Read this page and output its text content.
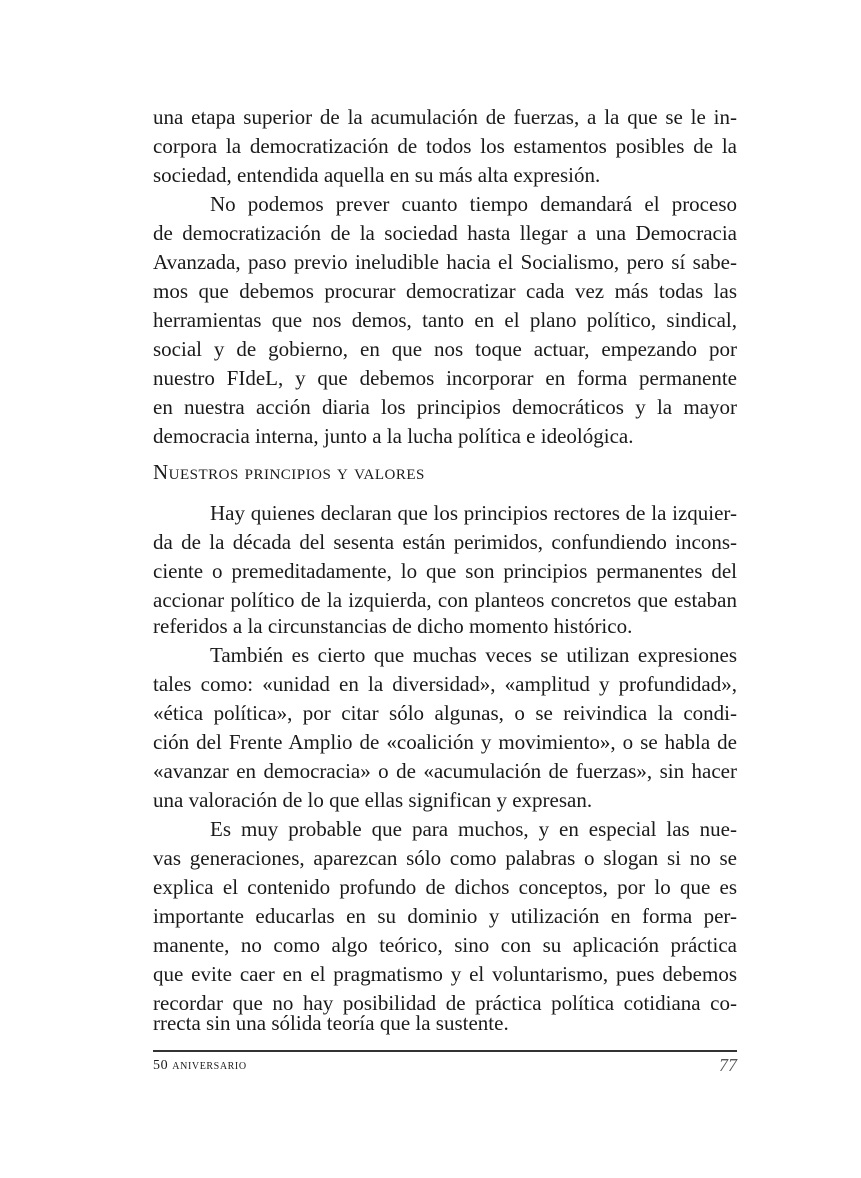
una etapa superior de la acumulación de fuerzas, a la que se le in-
corpora la democratización de todos los estamentos posibles de la
sociedad, entendida aquella en su más alta expresión.
No podemos prever cuanto tiempo demandará el proceso
de democratización de la sociedad hasta llegar a una Democracia
Avanzada, paso previo ineludible hacia el Socialismo, pero sí sabe-
mos que debemos procurar democratizar cada vez más todas las
herramientas que nos demos, tanto en el plano político, sindical,
social y de gobierno, en que nos toque actuar, empezando por
nuestro FIdeL, y que debemos incorporar en forma permanente
en nuestra acción diaria los principios democráticos y la mayor
democracia interna, junto a la lucha política e ideológica.
Nuestros principios y valores
Hay quienes declaran que los principios rectores de la izquier-
da de la década del sesenta están perimidos, confundiendo incons-
ciente o premeditadamente, lo que son principios permanentes del
accionar político de la izquierda, con planteos concretos que estaban
referidos a la circunstancias de dicho momento histórico.
También es cierto que muchas veces se utilizan expresiones
tales como: «unidad en la diversidad», «amplitud y profundidad»,
«ética política», por citar sólo algunas, o se reivindica la condi-
ción del Frente Amplio de «coalición y movimiento», o se habla de
«avanzar en democracia» o de «acumulación de fuerzas», sin hacer
una valoración de lo que ellas significan y expresan.
Es muy probable que para muchos, y en especial las nue-
vas generaciones, aparezcan sólo como palabras o slogan si no se
explica el contenido profundo de dichos conceptos, por lo que es
importante educarlas en su dominio y utilización en forma per-
manente, no como algo teórico, sino con su aplicación práctica
que evite caer en el pragmatismo y el voluntarismo, pues debemos
recordar que no hay posibilidad de práctica política cotidiana co-
rrecta sin una sólida teoría que la sustente.
50 aniversario	77
